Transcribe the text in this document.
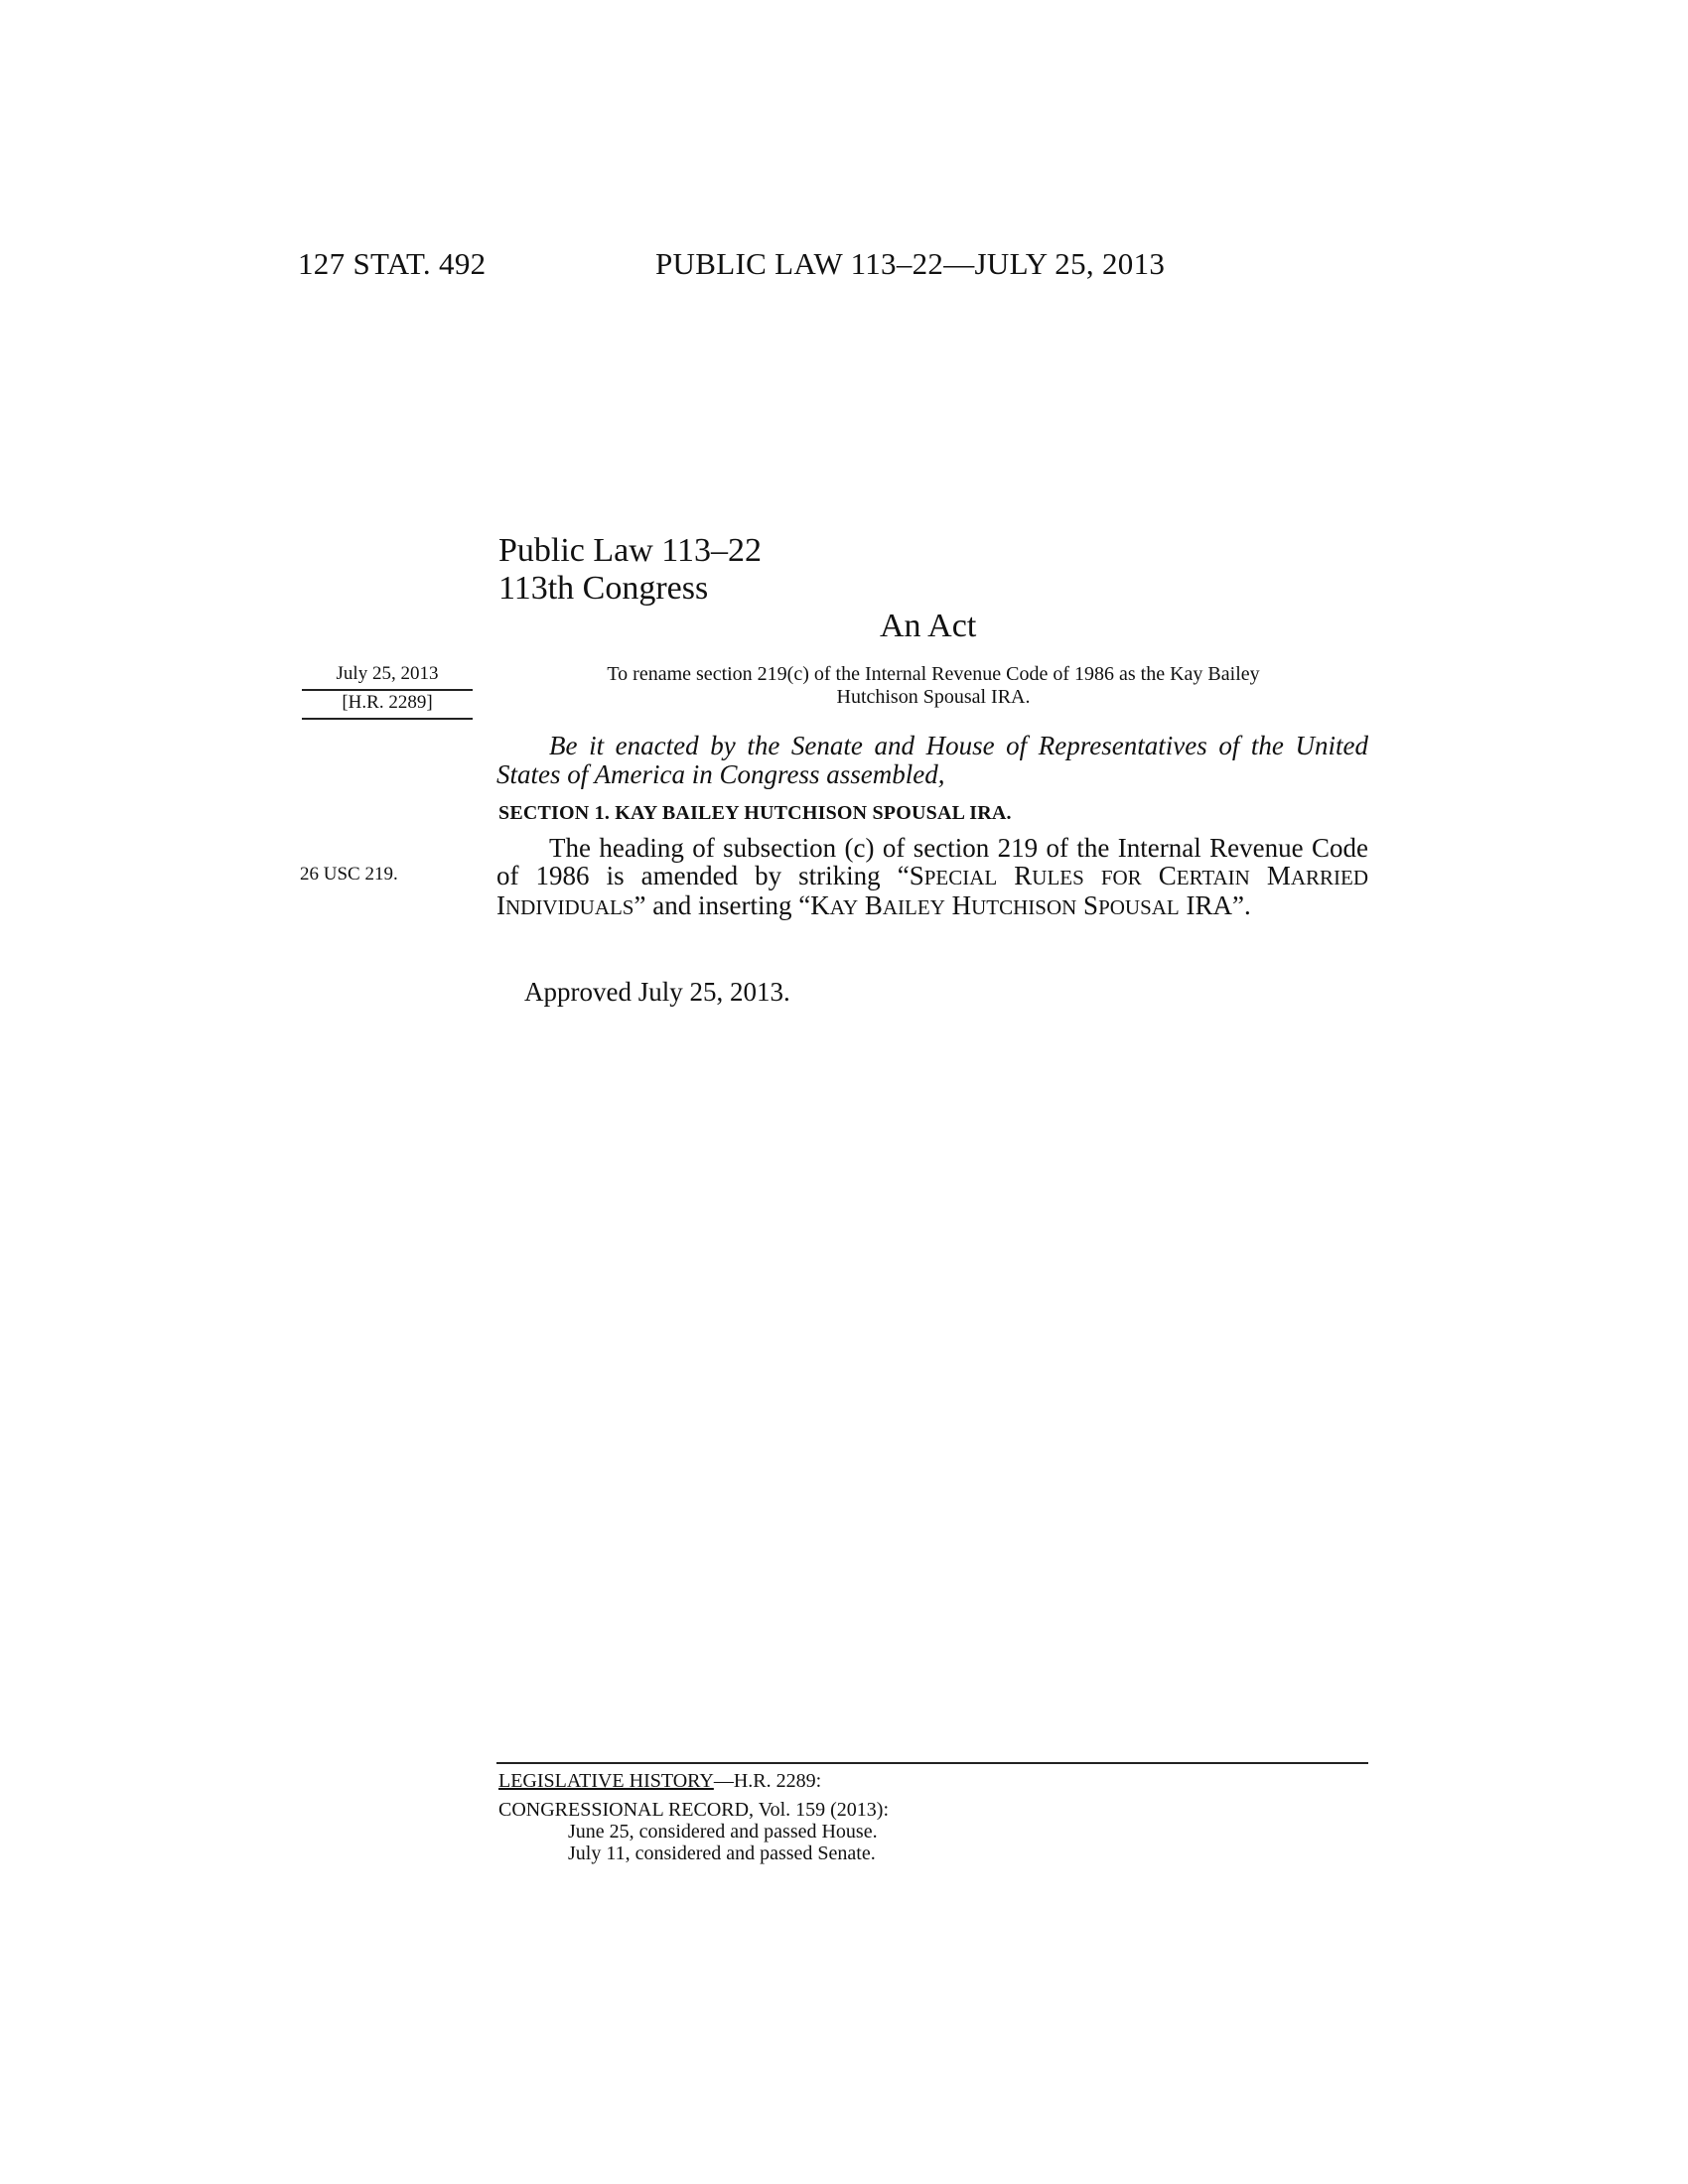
127 STAT. 492	PUBLIC LAW 113–22—JULY 25, 2013
Public Law 113–22
113th Congress
An Act
July 25, 2013
[H.R. 2289]
26 USC 219.
To rename section 219(c) of the Internal Revenue Code of 1986 as the Kay Bailey
Hutchison Spousal IRA.
Be it enacted by the Senate and House of Representatives of the United States of America in Congress assembled,
SECTION 1. KAY BAILEY HUTCHISON SPOUSAL IRA.
The heading of subsection (c) of section 219 of the Internal Revenue Code of 1986 is amended by striking “SPECIAL RULES FOR CERTAIN MARRIED INDIVIDUALS” and inserting “KAY BAILEY HUTCHISON SPOUSAL IRA”.
Approved July 25, 2013.
LEGISLATIVE HISTORY—H.R. 2289:
CONGRESSIONAL RECORD, Vol. 159 (2013):
June 25, considered and passed House.
July 11, considered and passed Senate.
